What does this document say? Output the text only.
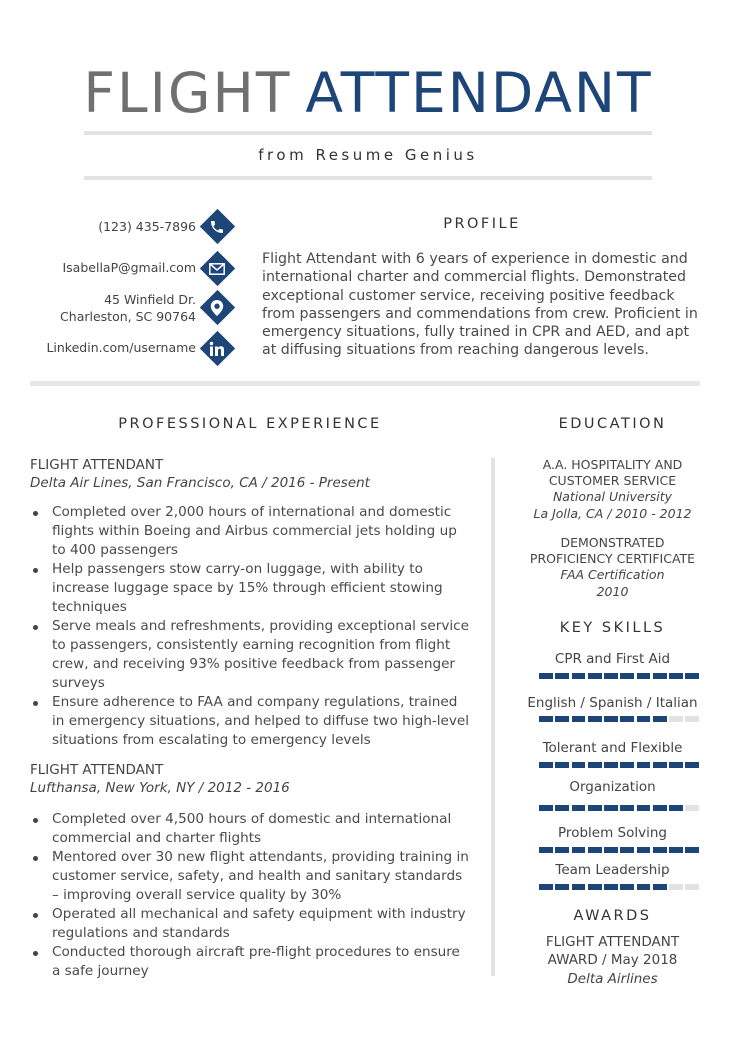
FLIGHT ATTENDANT
from Resume Genius
(123) 435-7896
IsabellaP@gmail.com
45 Winfield Dr.
Charleston, SC 90764
Linkedin.com/username
PROFILE
Flight Attendant with 6 years of experience in domestic and international charter and commercial flights. Demonstrated exceptional customer service, receiving positive feedback from passengers and commendations from crew. Proficient in emergency situations, fully trained in CPR and AED, and apt at diffusing situations from reaching dangerous levels.
PROFESSIONAL EXPERIENCE
FLIGHT ATTENDANT
Delta Air Lines, San Francisco, CA / 2016 - Present
Completed over 2,000 hours of international and domestic flights within Boeing and Airbus commercial jets holding up to 400 passengers
Help passengers stow carry-on luggage, with ability to increase luggage space by 15% through efficient stowing techniques
Serve meals and refreshments, providing exceptional service to passengers, consistently earning recognition from flight crew, and receiving 93% positive feedback from passenger surveys
Ensure adherence to FAA and company regulations, trained in emergency situations, and helped to diffuse two high-level situations from escalating to emergency levels
FLIGHT ATTENDANT
Lufthansa, New York, NY / 2012 - 2016
Completed over 4,500 hours of domestic and international commercial and charter flights
Mentored over 30 new flight attendants, providing training in customer service, safety, and health and sanitary standards – improving overall service quality by 30%
Operated all mechanical and safety equipment with industry regulations and standards
Conducted thorough aircraft pre-flight procedures to ensure a safe journey
EDUCATION
A.A. HOSPITALITY AND
CUSTOMER SERVICE
National University
La Jolla, CA / 2010 - 2012
DEMONSTRATED
PROFICIENCY CERTIFICATE
FAA Certification
2010
KEY SKILLS
CPR and First Aid
English / Spanish / Italian
Tolerant and Flexible
Organization
Problem Solving
Team Leadership
AWARDS
FLIGHT ATTENDANT
AWARD / May 2018
Delta Airlines
